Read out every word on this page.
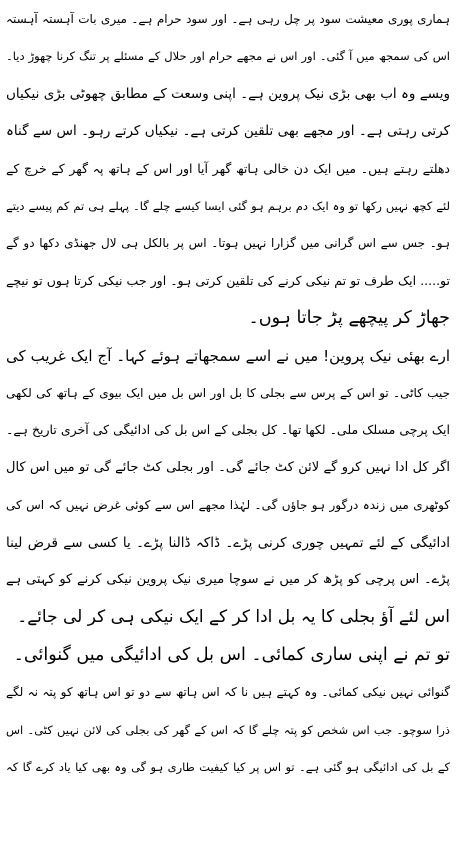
ہماری پوری معیشت سود پر چل رہی ہے۔ اور سود حرام ہے۔ میری بات آہستہ آہستہ
اس کی سمجھ میں آ گئی۔ اور اس نے مجھے حرام اور حلال کے مسئلے پر تنگ کرنا چھوڑ دیا۔
ویسے وہ اب بھی بڑی نیک پروین ہے۔ اپنی وسعت کے مطابق چھوٹی بڑی نیکیاں
کرتی رہتی ہے۔ اور مجھے بھی تلقین کرتی ہے۔ نیکیاں کرتے رہو۔ اس سے گناہ
دھلتے رہتے ہیں۔ میں ایک دن خالی ہاتھ گھر آیا اور اس کے ہاتھ پہ گھر کے خرچ کے
لئے کچھ نہیں رکھا تو وہ ایک دم برہم ہو گئی ایسا کیسے چلے گا۔ پہلے ہی تم کم پیسے دیتے
ہو۔ جس سے اس گرانی میں گزارا نہیں ہوتا۔ اس پر بالکل ہی لال جھنڈی دکھا دو گے
تو..... ایک طرف تو تم نیکی کرنے کی تلقین کرتی ہو۔ اور جب نیکی کرتا ہوں تو نیچے
جھاڑ کر پیچھے پڑ جاتا ہوں۔
ارے بھئی نیک پروین! میں نے اسے سمجھاتے ہوئے کہا۔ آج ایک غریب کی
جیب کاٹی۔ تو اس کے پرس سے بجلی کا بل اور اس بل میں ایک بیوی کے ہاتھ کی لکھی
ایک پرچی مسلک ملی۔ لکھا تھا۔ کل بجلی کے اس بل کی ادائیگی کی آخری تاریخ ہے۔
اگر کل ادا نہیں کرو گے لائن کٹ جائے گی۔ اور بجلی کٹ جائے گی تو میں اس کال
کوٹھری میں زندہ درگور ہو جاؤں گی۔ لہٰذا مجھے اس سے کوئی غرض نہیں کہ اس کی
ادائیگی کے لئے تمہیں چوری کرنی پڑے۔ ڈاکہ ڈالنا پڑے۔ یا کسی سے قرض لینا
پڑے۔ اس پرچی کو پڑھ کر میں نے سوچا میری نیک پروین نیکی کرنے کو کہتی ہے
اس لئے آؤ بجلی کا یہ بل ادا کر کے ایک نیکی ہی کر لی جائے۔
تو تم نے اپنی ساری کمائی۔ اس بل کی ادائیگی میں گنوائی۔
گنوائی نہیں نیکی کمائی۔ وہ کہتے ہیں نا کہ اس ہاتھ سے دو تو اس ہاتھ کو پتہ نہ لگے
ذرا سوچو۔ جب اس شخص کو پتہ چلے گا کہ اس کے گھر کی بجلی کی لائن نہیں کٹی۔ اس
کے بل کی ادائیگی ہو گئی ہے۔ تو اس پر کیا کیفیت طاری ہو گی وہ بھی کیا یاد کرے گا کہ
